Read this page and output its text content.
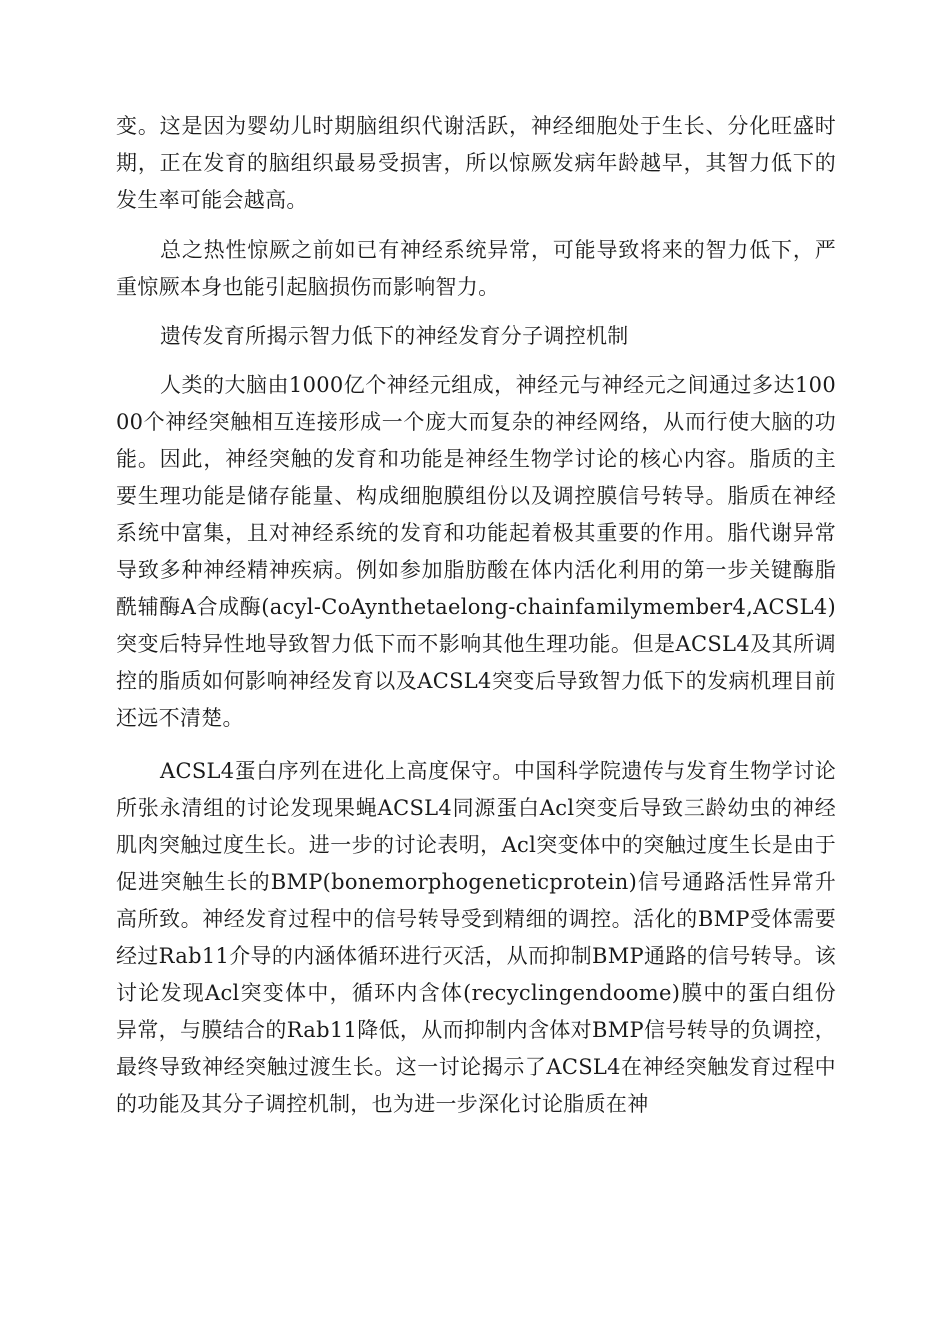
变。这是因为婴幼儿时期脑组织代谢活跃，神经细胞处于生长、分化旺盛时期，正在发育的脑组织最易受损害，所以惊厥发病年龄越早，其智力低下的发生率可能会越高。

总之热性惊厥之前如已有神经系统异常，可能导致将来的智力低下，严重惊厥本身也能引起脑损伤而影响智力。

遗传发育所揭示智力低下的神经发育分子调控机制

人类的大脑由1000亿个神经元组成，神经元与神经元之间通过多达10000个神经突触相互连接形成一个庞大而复杂的神经网络，从而行使大脑的功能。因此，神经突触的发育和功能是神经生物学讨论的核心内容。脂质的主要生理功能是储存能量、构成细胞膜组份以及调控膜信号转导。脂质在神经系统中富集，且对神经系统的发育和功能起着极其重要的作用。脂代谢异常导致多种神经精神疾病。例如参加脂肪酸在体内活化利用的第一步关键酶脂酰辅酶A合成酶(acyl-CoAynthetaelong-chainfamilymember4,ACSL4)突变后特异性地导致智力低下而不影响其他生理功能。但是ACSL4及其所调控的脂质如何影响神经发育以及ACSL4突变后导致智力低下的发病机理目前还远不清楚。

ACSL4蛋白序列在进化上高度保守。中国科学院遗传与发育生物学讨论所张永清组的讨论发现果蝇ACSL4同源蛋白Acl突变后导致三龄幼虫的神经肌肉突触过度生长。进一步的讨论表明，Acl突变体中的突触过度生长是由于促进突触生长的BMP(bonemorphogeneticprotein)信号通路活性异常升高所致。神经发育过程中的信号转导受到精细的调控。活化的BMP受体需要经过Rab11介导的内涵体循环进行灭活，从而抑制BMP通路的信号转导。该讨论发现Acl突变体中，循环内含体(recyclingendoome)膜中的蛋白组份异常，与膜结合的Rab11降低，从而抑制内含体对BMP信号转导的负调控，最终导致神经突触过渡生长。这一讨论揭示了ACSL4在神经突触发育过程中的功能及其分子调控机制，也为进一步深化讨论脂质在神
